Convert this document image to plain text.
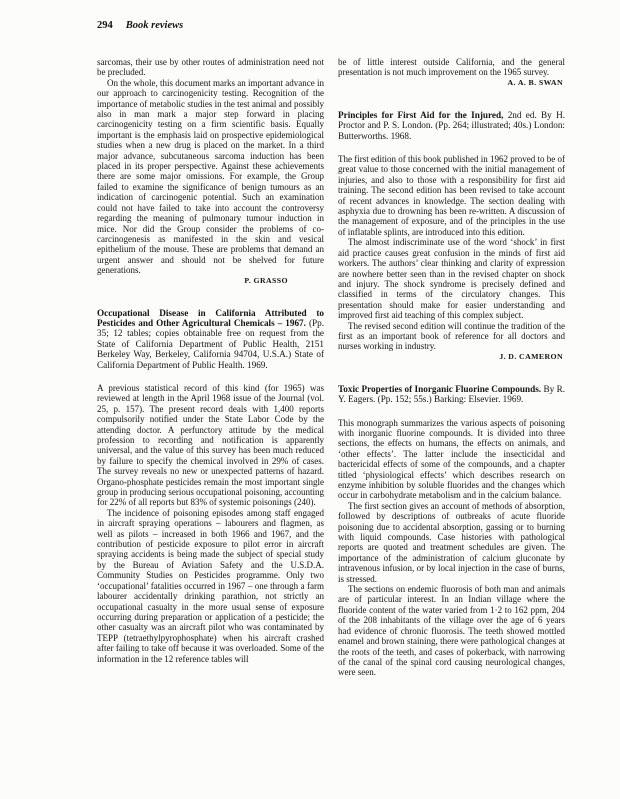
294 Book reviews

sarcomas, their use by other routes of administration need not be precluded.

On the whole, this document marks an important advance in our approach to carcinogenicity testing. Recognition of the importance of metabolic studies in the test animal and possibly also in man mark a major step forward in placing carcinogenicity testing on a firm scientific basis. Equally important is the emphasis laid on prospective epidemiological studies when a new drug is placed on the market. In a third major advance, subcutaneous sarcoma induction has been placed in its proper perspective. Against these achievements there are some major omissions. For example, the Group failed to examine the significance of benign tumours as an indication of carcinogenic potential. Such an examination could not have failed to take into account the controversy regarding the meaning of pulmonary tumour induction in mice. Nor did the Group consider the problems of co-carcinogenesis as manifested in the skin and vesical epithelium of the mouse. These are problems that demand an urgent answer and should not be shelved for future generations.

P. GRASSO

Occupational Disease in California Attributed to Pesticides and Other Agricultural Chemicals – 1967. (Pp. 35; 12 tables; copies obtainable free on request from the State of California Department of Public Health, 2151 Berkeley Way, Berkeley, California 94704, U.S.A.) State of California Department of Public Health. 1969.

A previous statistical record of this kind (for 1965) was reviewed at length in the April 1968 issue of the Journal (vol. 25, p. 157). The present record deals with 1,400 reports compulsorily notified under the State Labor Code by the attending doctor. A perfunctory attitude by the medical profession to recording and notification is apparently universal, and the value of this survey has been much reduced by failure to specify the chemical involved in 29% of cases. The survey reveals no new or unexpected patterns of hazard. Organo-phosphate pesticides remain the most important single group in producing serious occupational poisoning, accounting for 22% of all reports but 83% of systemic poisonings (240).

The incidence of poisoning episodes among staff engaged in aircraft spraying operations – labourers and flagmen, as well as pilots – increased in both 1966 and 1967, and the contribution of pesticide exposure to pilot error in aircraft spraying accidents is being made the subject of special study by the Bureau of Aviation Safety and the U.S.D.A. Community Studies on Pesticides programme. Only two ‘occupational’ fatalities occurred in 1967 – one through a farm labourer accidentally drinking parathion, not strictly an occupational casualty in the more usual sense of exposure occurring during preparation or application of a pesticide; the other casualty was an aircraft pilot who was contaminated by TEPP (tetraethylpyrophosphate) when his aircraft crashed after failing to take off because it was overloaded. Some of the information in the 12 reference tables will

be of little interest outside California, and the general presentation is not much improvement on the 1965 survey.

A. A. B. SWAN

Principles for First Aid for the Injured, 2nd ed. By H. Proctor and P. S. London. (Pp. 264; illustrated; 40s.) London: Butterworths. 1968.

The first edition of this book published in 1962 proved to be of great value to those concerned with the initial management of injuries, and also to those with a responsibility for first aid training. The second edition has been revised to take account of recent advances in knowledge. The section dealing with asphyxia due to drowning has been re-written. A discussion of the management of exposure, and of the principles in the use of inflatable splints, are introduced into this edition.

The almost indiscriminate use of the word ‘shock’ in first aid practice causes great confusion in the minds of first aid workers. The authors’ clear thinking and clarity of expression are nowhere better seen than in the revised chapter on shock and injury. The shock syndrome is precisely defined and classified in terms of the circulatory changes. This presentation should make for easier understanding and improved first aid teaching of this complex subject.

The revised second edition will continue the tradition of the first as an important book of reference for all doctors and nurses working in industry.

J. D. CAMERON

Toxic Properties of Inorganic Fluorine Compounds. By R. Y. Eagers. (Pp. 152; 55s.) Barking: Elsevier. 1969.

This monograph summarizes the various aspects of poisoning with inorganic fluorine compounds. It is divided into three sections, the effects on humans, the effects on animals, and ‘other effects’. The latter include the insecticidal and bactericidal effects of some of the compounds, and a chapter titled ‘physiological effects’ which describes research on enzyme inhibition by soluble fluorides and the changes which occur in carbohydrate metabolism and in the calcium balance.

The first section gives an account of methods of absorption, followed by descriptions of outbreaks of acute fluoride poisoning due to accidental absorption, gassing or to burning with liquid compounds. Case histories with pathological reports are quoted and treatment schedules are given. The importance of the administration of calcium gluconate by intravenous infusion, or by local injection in the case of burns, is stressed.

The sections on endemic fluorosis of both man and animals are of particular interest. In an Indian village where the fluoride content of the water varied from 1·2 to 162 ppm, 204 of the 208 inhabitants of the village over the age of 6 years had evidence of chronic fluorosis. The teeth showed mottled enamel and brown staining, there were pathological changes at the roots of the teeth, and cases of pokerback, with narrowing of the canal of the spinal cord causing neurological changes, were seen.
